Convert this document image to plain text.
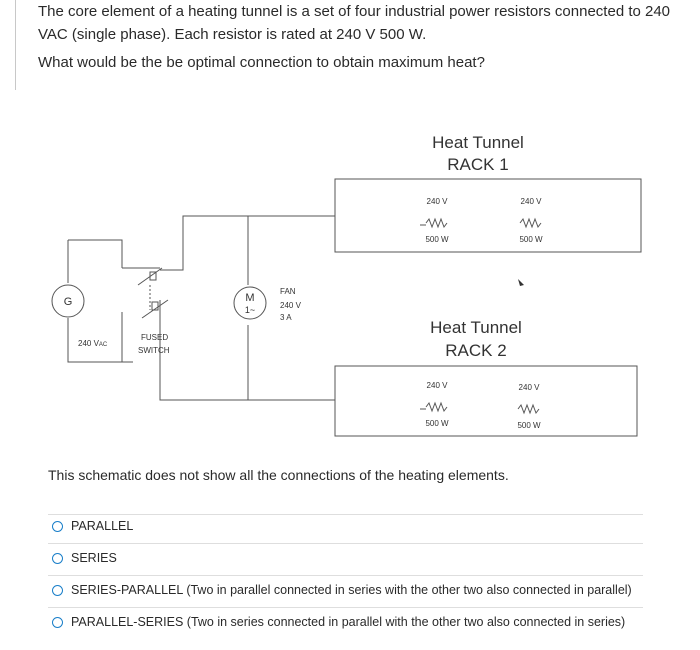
The core element of a heating tunnel is a set of four industrial power resistors connected to 240
VAC (single phase). Each resistor is rated at 240 V 500 W.
What would be the be optimal connection to obtain maximum heat?
G
240 VAC
FUSED
SWITCH
M
1~
FAN
240 V
3 A
Heat Tunnel
RACK 1
240 V
500 W
240 V
500 W
Heat Tunnel
RACK 2
240 V
500 W
240 V
500 W
This schematic does not show all the connections of the heating elements.
PARALLEL
SERIES
SERIES-PARALLEL (Two in parallel connected in series with the other two also connected in parallel)
PARALLEL-SERIES (Two in series connected in parallel with the other two also connected in series)
